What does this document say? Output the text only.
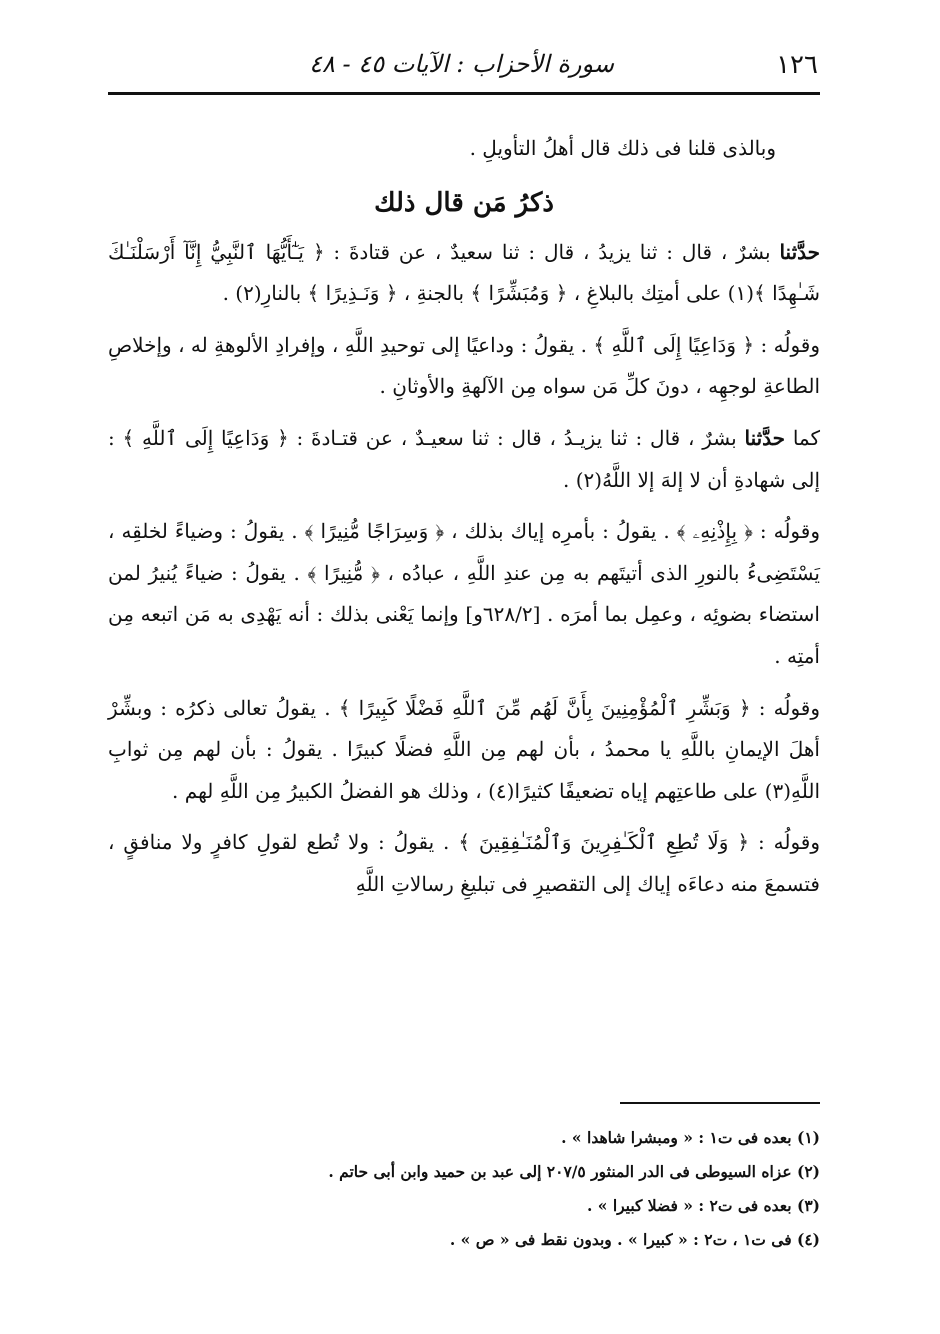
١٢٦
سورة الأحزاب : الآيات ٤٥ - ٤٨

وبالذى قلنا فى ذلك قال أهلُ التأويلِ .

ذكرُ مَن قال ذلك

حدَّثنا بشرٌ ، قال : ثنا يزيدُ ، قال : ثنا سعيدٌ ، عن قتادةَ : ﴿ يَـٰٓأَيُّهَا ٱلنَّبِيُّ إِنَّآ أَرْسَلْنَـٰكَ شَـٰهِدًا ﴾(١) على أمتِك بالبلاغِ ، ﴿ وَمُبَشِّرًا ﴾ بالجنةِ ، ﴿ وَنَـذِيرًا ﴾ بالنارِ(٢) .

وقولُه : ﴿ وَدَاعِيًا إِلَى ٱللَّهِ ﴾ . يقولُ : وداعيًا إلى توحيدِ اللَّهِ ، وإفرادِ الألوهةِ له ، وإخلاصِ الطاعةِ لوجهِه ، دونَ كلِّ مَن سواه مِن الآلهةِ والأوثانِ .

كما حدَّثنا بشرٌ ، قال : ثنا يزيـدُ ، قال : ثنا سعيـدٌ ، عن قتـادةَ : ﴿ وَدَاعِيًا إِلَى ٱللَّهِ ﴾ : إلى شهادةِ أن لا إلهَ إلا اللَّهُ(٢) .

وقولُه : ﴿ بِإِذْنِهِۦ ﴾ . يقولُ : بأمرِه إياك بذلك ، ﴿ وَسِرَاجًا مُّنِيرًا ﴾ . يقولُ : وضياءً لخلقِه ، يَسْتَضِىءُ بالنورِ الذى أتيتَهم به مِن عندِ اللَّهِ ، عبادُه ، ﴿ مُّنِيرًا ﴾ . يقولُ : ضياءً يُنيرُ لمن استضاء بضوئِه ، وعمِل بما أمرَه . [٦٢٨/٢و] وإنما يَعْنى بذلك : أنه يَهْدِى به مَن اتبعه مِن أمتِه .

وقولُه : ﴿ وَبَشِّرِ ٱلْمُؤْمِنِينَ بِأَنَّ لَهُم مِّنَ ٱللَّهِ فَضْلًا كَبِيرًا ﴾ . يقولُ تعالى ذكرُه : وبشِّرْ أهلَ الإيمانِ باللَّهِ يا محمدُ ، بأن لهم مِن اللَّهِ فضلًا كبيرًا . يقولُ : بأن لهم مِن ثوابِ اللَّهِ(٣) على طاعتِهم إياه تضعيفًا كثيرًا(٤) ، وذلك هو الفضلُ الكبيرُ مِن اللَّهِ لهم .

وقولُه : ﴿ وَلَا تُطِعِ ٱلْكَـٰفِرِينَ وَٱلْمُنَـٰفِقِينَ ﴾ . يقولُ : ولا تُطع لقولِ كافرٍ ولا منافقٍ ، فتسمعَ منه دعاءَه إياك إلى التقصيرِ فى تبليغِ رسالاتِ اللَّهِ

(١) بعده فى ت١ : « ومبشرا شاهدا » .

(٢) عزاه السيوطى فى الدر المنثور ٢٠٧/٥ إلى عبد بن حميد وابن أبى حاتم .

(٣) بعده فى ت٢ : « فضلا كبيرا » .

(٤) فى ت١ ، ت٢ : « كبيرا » . وبدون نقط فى « ص » .
